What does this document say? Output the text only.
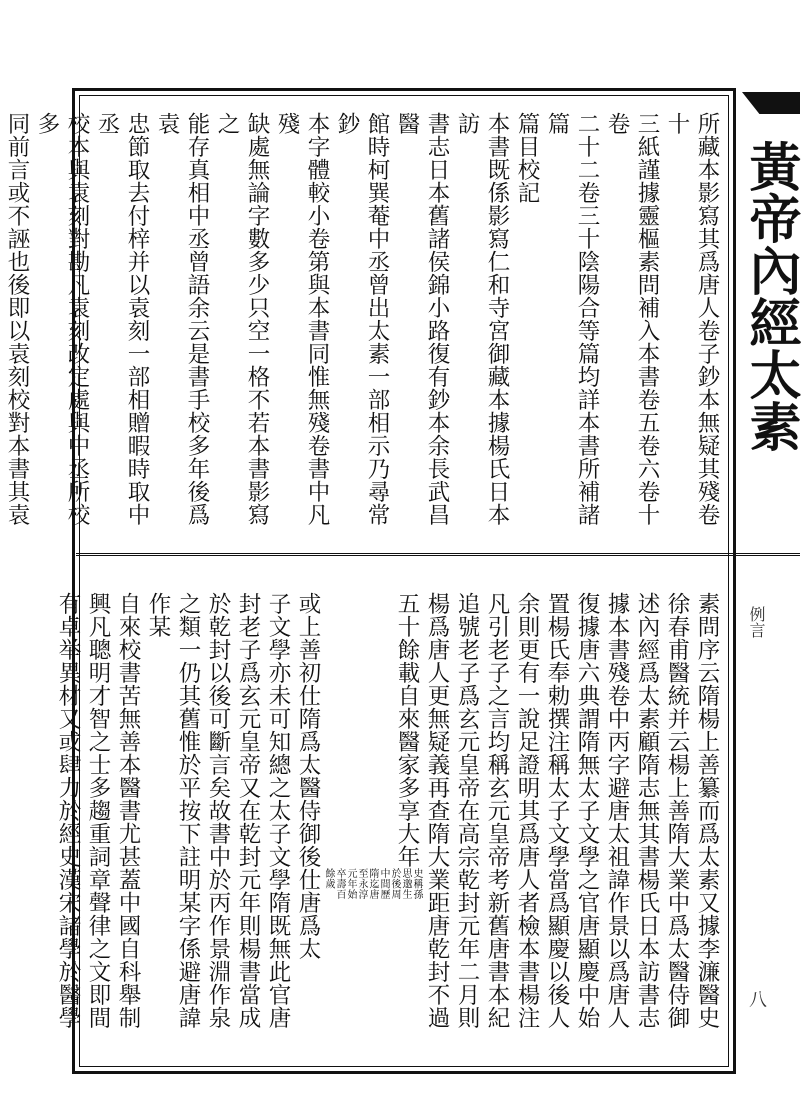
黃帝內經太素
例言
八
所藏本影寫其爲唐人卷子鈔本無疑其殘卷十
三紙謹據靈樞素問補入本書卷五卷六卷十卷
二十二卷三十陰陽合等篇均詳本書所補諸篇
篇目校記
本書既係影寫仁和寺宮御藏本據楊氏日本訪
書志日本舊諸侯錦小路復有鈔本余長武昌醫
館時柯巽菴中丞曾出太素一部相示乃尋常鈔
本字體較小卷第與本書同惟無殘卷書中凡殘
缺處無論字數多少只空一格不若本書影寫之
能存真相中丞曾語余云是書手校多年後爲袁
忠節取去付梓并以袁刻一部相贈暇時取中丞
校本與袁刻對勘凡袁刻改定處與中丞所校多
同前言或不誣也後即以袁刻校對本書其袁
素問序云隋楊上善纂而爲太素又據李濂醫史
徐春甫醫統并云楊上善隋大業中爲太醫侍御
述內經爲太素顧隋志無其書楊氏日本訪書志
據本書殘卷中丙字避唐太祖諱作景以爲唐人
復據唐六典謂隋無太子文學之官唐顯慶中始
置楊氏奉勅撰注稱太子文學當爲顯慶以後人
余則更有一說足證明其爲唐人者檢本書楊注
凡引老子之言均稱玄元皇帝考新舊唐書本紀
追號老子爲玄元皇帝在高宗乾封元年二月則
楊爲唐人更無疑義再查隋大業距唐乾封不過
五十餘載自來醫家多享大年史稱孫思邈生於後周中間歷隋迄唐至永淳元年始卒壽百餘歲
或上善初仕隋爲太醫侍御後仕唐爲太
子文學亦未可知總之太子文學隋既無此官唐
封老子爲玄元皇帝又在乾封元年則楊書當成
於乾封以後可斷言矣故書中於丙作景淵作泉
之類一仍其舊惟於平按下註明某字係避唐諱
作某
自來校書苦無善本醫書尤甚蓋中國自科舉制
興凡聰明才智之士多趨重詞章聲律之文即間
有卓举異材又或肆力於經史漢宋諸學於醫學
